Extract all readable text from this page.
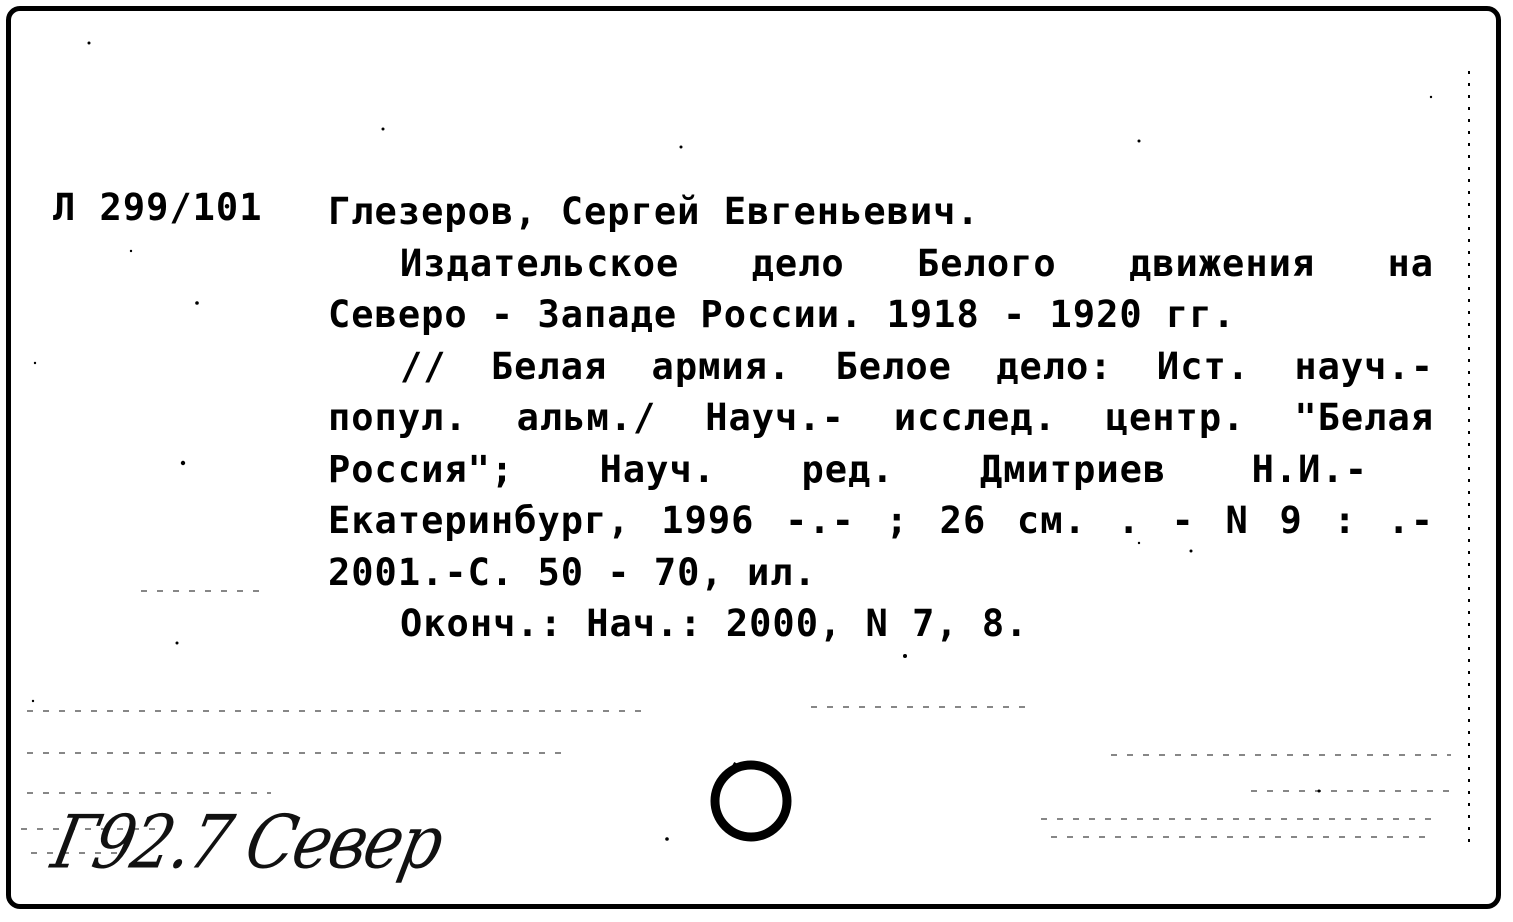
Л 299/101 Глезеров, Сергей Евгеньевич.
Издательское дело Белого движения на
Северо - Западе России. 1918 - 1920 гг.
// Белая армия. Белое дело: Ист. науч.-
попул. альм./ Науч.- исслед. центр. "Белая
Россия"; Науч. ред. Дмитриев Н.И.-
Екатеринбург, 1996 -.- ; 26 см. . - N 9 : .-
2001.-С. 50 - 70, ил.
Оконч.: Нач.: 2000, N 7, 8.
Г92.7 Север
